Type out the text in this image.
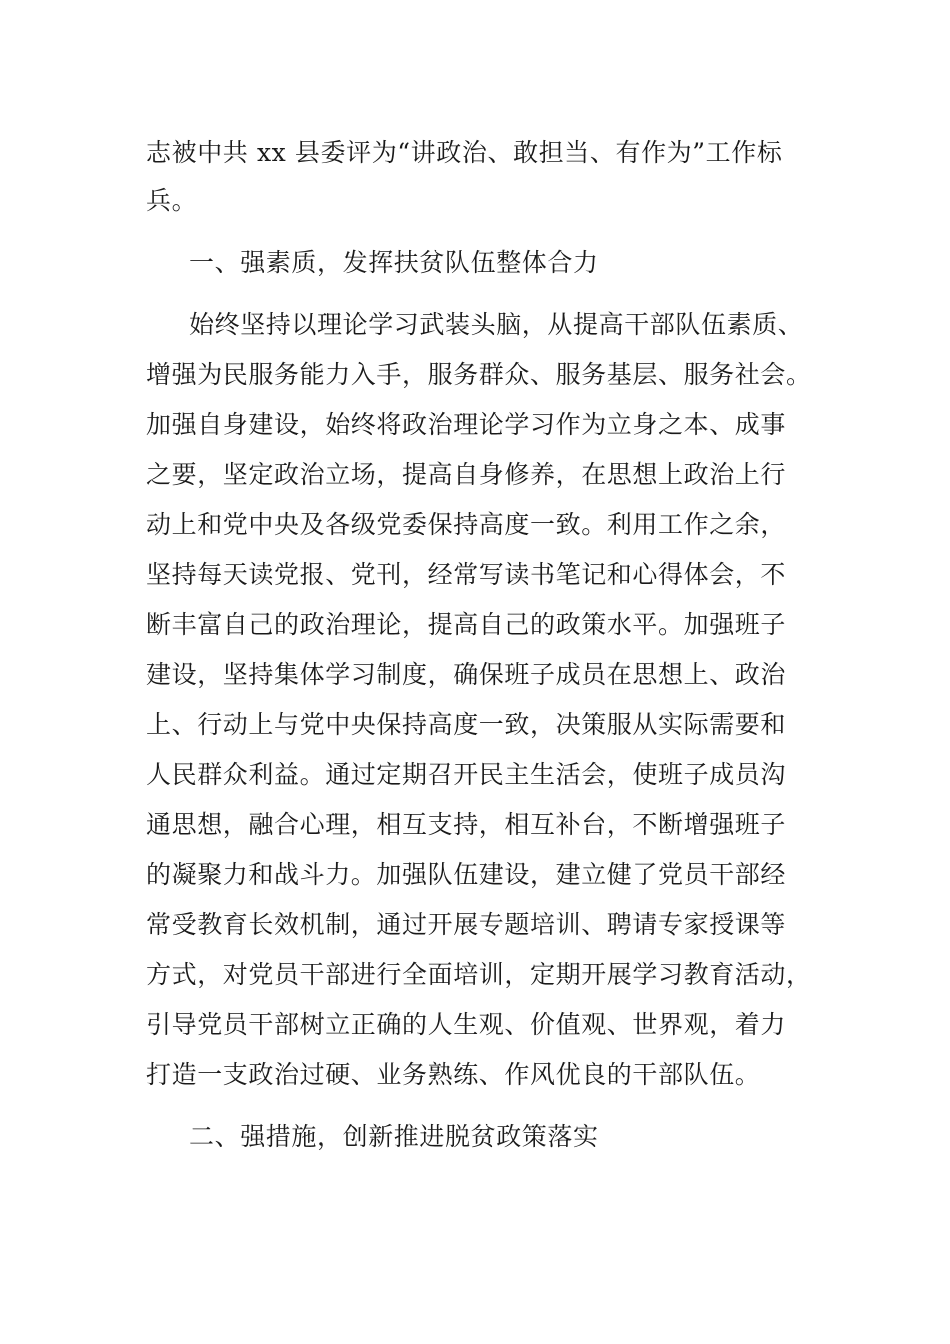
志被中共 xx 县委评为“讲政治、敢担当、有作为”工作标
兵。
一、强素质，发挥扶贫队伍整体合力
始终坚持以理论学习武装头脑，从提高干部队伍素质、
增强为民服务能力入手，服务群众、服务基层、服务社会。
加强自身建设，始终将政治理论学习作为立身之本、成事
之要，坚定政治立场，提高自身修养，在思想上政治上行
动上和党中央及各级党委保持高度一致。利用工作之余，
坚持每天读党报、党刊，经常写读书笔记和心得体会，不
断丰富自己的政治理论，提高自己的政策水平。加强班子
建设，坚持集体学习制度，确保班子成员在思想上、政治
上、行动上与党中央保持高度一致，决策服从实际需要和
人民群众利益。通过定期召开民主生活会，使班子成员沟
通思想，融合心理，相互支持，相互补台，不断增强班子
的凝聚力和战斗力。加强队伍建设，建立健了党员干部经
常受教育长效机制，通过开展专题培训、聘请专家授课等
方式，对党员干部进行全面培训，定期开展学习教育活动，
引导党员干部树立正确的人生观、价值观、世界观，着力
打造一支政治过硬、业务熟练、作风优良的干部队伍。
二、强措施，创新推进脱贫政策落实
